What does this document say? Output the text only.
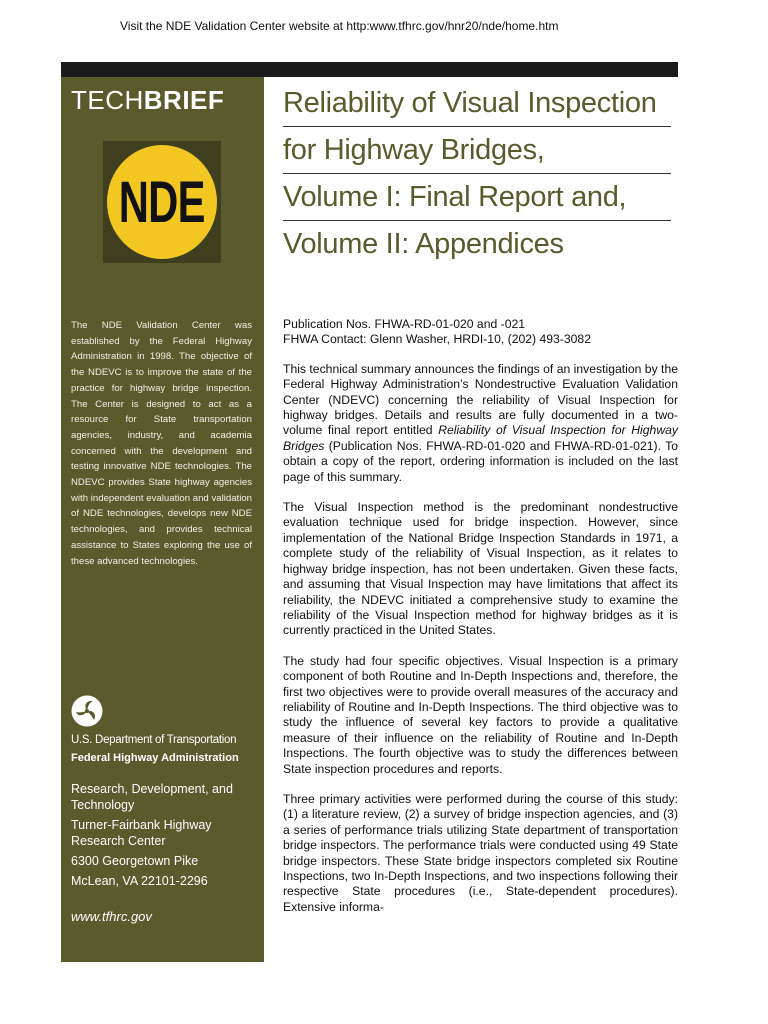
Visit the NDE Validation Center website at http:www.tfhrc.gov/hnr20/nde/home.htm
TECHBRIEF
NDE
The NDE Validation Center was established by the Federal Highway Administration in 1998. The objective of the NDEVC is to improve the state of the practice for highway bridge inspection. The Center is designed to act as a resource for State transportation agencies, industry, and academia concerned with the development and testing innovative NDE technologies. The NDEVC provides State highway agencies with independent evaluation and validation of NDE technologies, develops new NDE technologies, and provides technical assistance to States exploring the use of these advanced technologies.
U.S. Department of Transportation
Federal Highway Administration
Research, Development, and Technology
Turner-Fairbank Highway Research Center
6300 Georgetown Pike
McLean, VA 22101-2296
www.tfhrc.gov
Reliability of Visual Inspection
for Highway Bridges,
Volume I: Final Report and,
Volume II: Appendices
Publication Nos. FHWA-RD-01-020 and -021
FHWA Contact: Glenn Washer, HRDI-10, (202) 493-3082

This technical summary announces the findings of an investigation by the Federal Highway Administration’s Nondestructive Evaluation Validation Center (NDEVC) concerning the reliability of Visual Inspection for highway bridges. Details and results are fully documented in a two-volume final report entitled Reliability of Visual Inspection for Highway Bridges (Publication Nos. FHWA-RD-01-020 and FHWA-RD-01-021). To obtain a copy of the report, ordering information is included on the last page of this summary.

The Visual Inspection method is the predominant nondestructive evaluation technique used for bridge inspection. However, since implementation of the National Bridge Inspection Standards in 1971, a complete study of the reliability of Visual Inspection, as it relates to highway bridge inspection, has not been undertaken. Given these facts, and assuming that Visual Inspection may have limitations that affect its reliability, the NDEVC initiated a comprehensive study to examine the reliability of the Visual Inspection method for highway bridges as it is currently practiced in the United States.

The study had four specific objectives. Visual Inspection is a primary component of both Routine and In-Depth Inspections and, therefore, the first two objectives were to provide overall measures of the accuracy and reliability of Routine and In-Depth Inspections. The third objective was to study the influence of several key factors to provide a qualitative measure of their influence on the reliability of Routine and In-Depth Inspections. The fourth objective was to study the differences between State inspection procedures and reports.

Three primary activities were performed during the course of this study: (1) a literature review, (2) a survey of bridge inspection agencies, and (3) a series of performance trials utilizing State department of transportation bridge inspectors. The performance trials were conducted using 49 State bridge inspectors. These State bridge inspectors completed six Routine Inspections, two In-Depth Inspections, and two inspections following their respective State procedures (i.e., State-dependent procedures). Extensive informa-
